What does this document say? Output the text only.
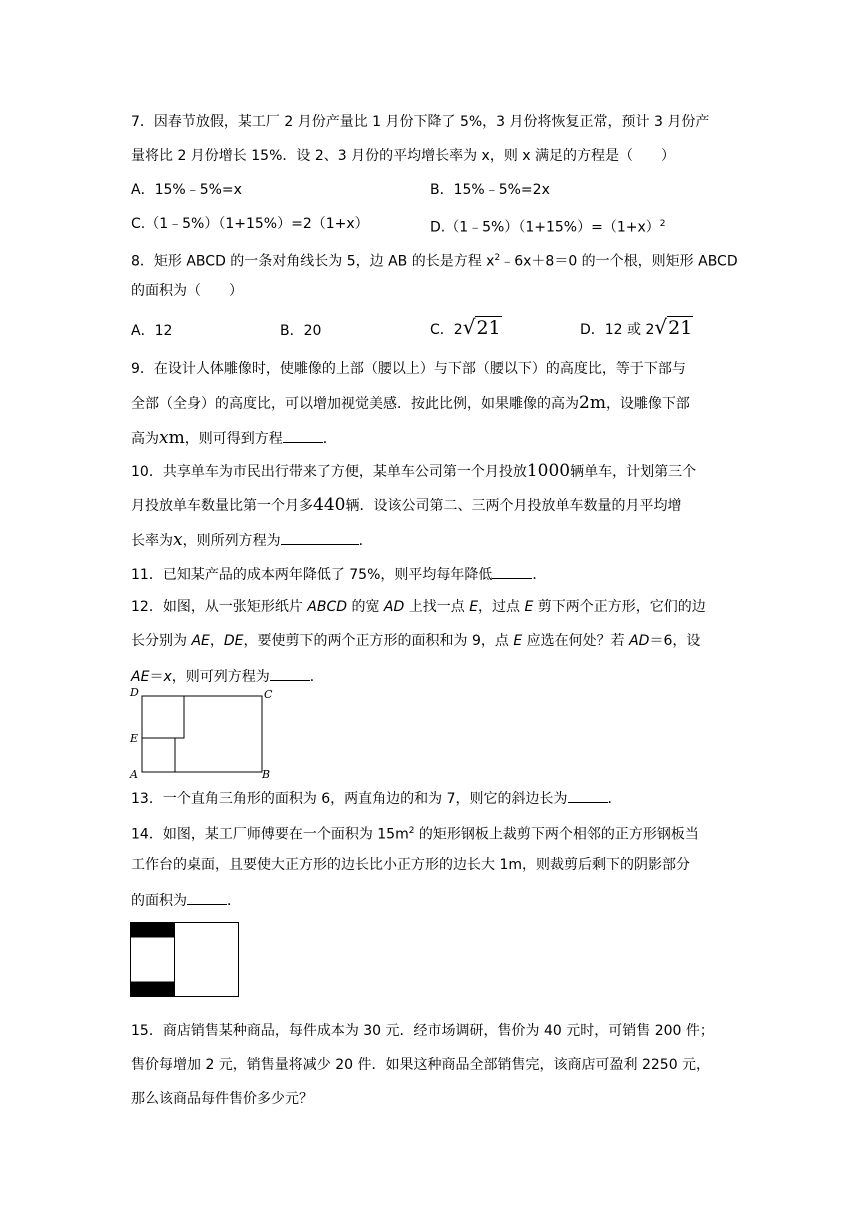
7．因春节放假，某工厂 2 月份产量比 1 月份下降了 5%，3 月份将恢复正常，预计 3 月份产
量将比 2 月份增长 15%．设 2、3 月份的平均增长率为 x，则 x 满足的方程是（　　）
A．15%﹣5%=x	B．15%﹣5%=2x
C.（1﹣5%）（1+15%）=2（1+x）	$D.(1﹣5\%)(1+15\%)=(1+x)^2$
8．矩形 ABCD 的一条对角线长为 5，边 AB 的长是方程 $x^2﹣6x+8=0$ 的一个根，则矩形 ABCD
的面积为（　　）
A．12	B．20	C．2√21	D．12 或 2√21
9．在设计人体雕像时，使雕像的上部（腰以上）与下部（腰以下）的高度比，等于下部与
全部（全身）的高度比，可以增加视觉美感．按此比例，如果雕像的高为2m，设雕像下部
高为xm，则可得到方程	．
10．共享单车为市民出行带来了方便，某单车公司第一个月投放1000辆单车，计划第三个
月投放单车数量比第一个月多440辆．设该公司第二、三两个月投放单车数量的月平均增
长率为x，则所列方程为	．
11．已知某产品的成本两年降低了 75%，则平均每年降低	．
12．如图，从一张矩形纸片 ABCD 的宽 AD 上找一点 E，过点 E 剪下两个正方形，它们的边
长分别为 AE，DE，要使剪下的两个正方形的面积和为 9，点 E 应选在何处？若 AD＝6，设
AE＝x，则可列方程为	．
D	C
E
A	B
13．一个直角三角形的面积为 6，两直角边的和为 7，则它的斜边长为	．
14．如图，某工厂师傅要在一个面积为 $15m^2$ 的矩形钢板上裁剪下两个相邻的正方形钢板当
工作台的桌面，且要使大正方形的边长比小正方形的边长大 1m，则裁剪后剩下的阴影部分
的面积为	．
15．商店销售某种商品，每件成本为 30 元．经市场调研，售价为 40 元时，可销售 200 件；
售价每增加 2 元，销售量将减少 20 件．如果这种商品全部销售完，该商店可盈利 2250 元，
那么该商品每件售价多少元？
